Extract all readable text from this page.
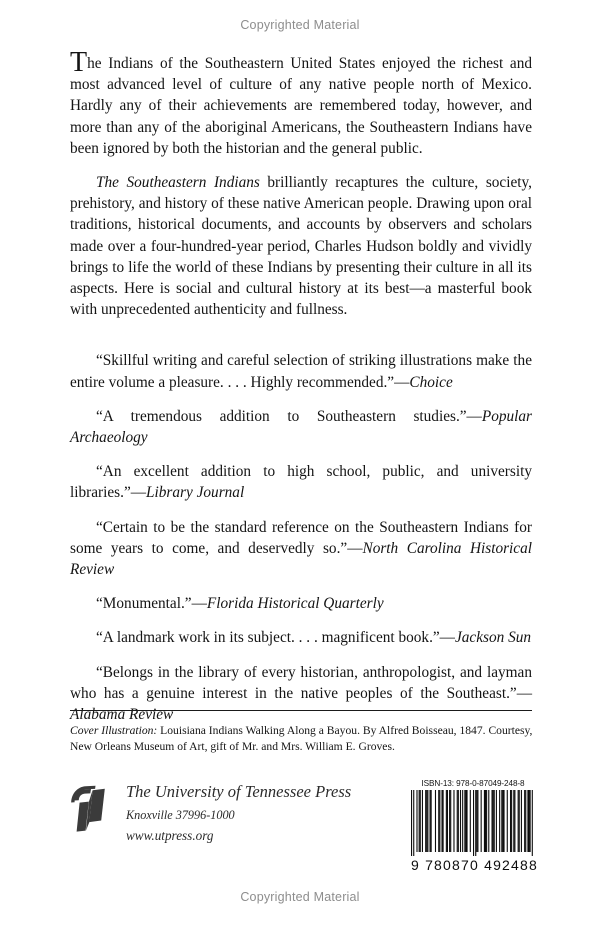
Copyrighted Material
Copyrighted Material

The Indians of the Southeastern United States enjoyed the richest and most advanced level of culture of any native people north of Mexico. Hardly any of their achievements are remembered today, however, and more than any of the aboriginal Americans, the Southeastern Indians have been ignored by both the historian and the general public.

The Southeastern Indians brilliantly recaptures the culture, society, prehistory, and history of these native American people. Drawing upon oral traditions, historical documents, and accounts by observers and scholars made over a four-hundred-year period, Charles Hudson boldly and vividly brings to life the world of these Indians by presenting their culture in all its aspects. Here is social and cultural history at its best—a masterful book with unprecedented authenticity and fullness.

“Skillful writing and careful selection of striking illustrations make the entire volume a pleasure. . . . Highly recommended.”—Choice

“A tremendous addition to Southeastern studies.”—Popular Archaeology

“An excellent addition to high school, public, and university libraries.”—Library Journal

“Certain to be the standard reference on the Southeastern Indians for some years to come, and deservedly so.”—North Carolina Historical Review

“Monumental.”—Florida Historical Quarterly

“A landmark work in its subject. . . . magnificent book.”—Jackson Sun

“Belongs in the library of every historian, anthropologist, and layman who has a genuine interest in the native peoples of the Southeast.”—Alabama Review

Cover Illustration: Louisiana Indians Walking Along a Bayou. By Alfred Boisseau, 1847. Courtesy, New Orleans Museum of Art, gift of Mr. and Mrs. William E. Groves.
The University of Tennessee Press
Knoxville 37996-1000
www.utpress.org
ISBN-13: 978-0-87049-248-8
9 780870 492488
